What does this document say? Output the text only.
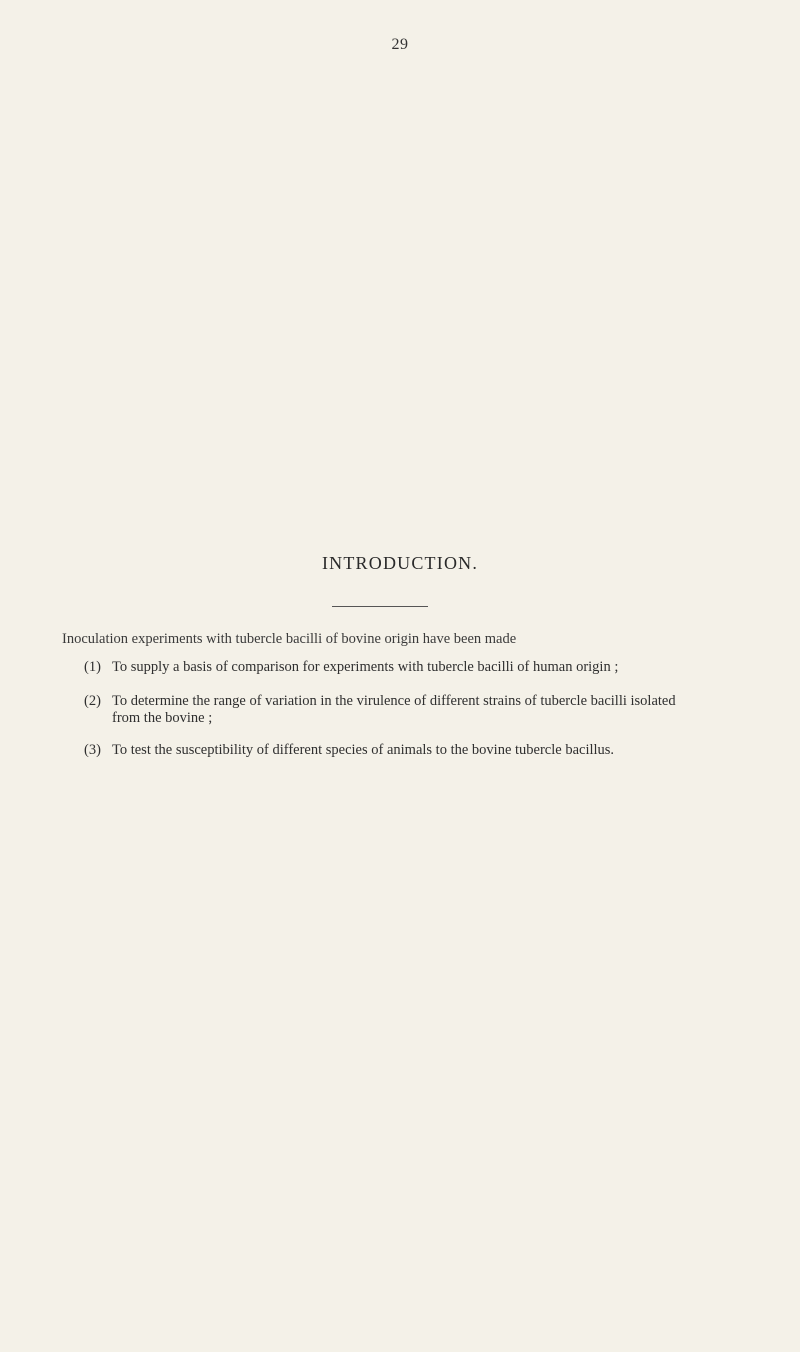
29
INTRODUCTION.
Inoculation experiments with tubercle bacilli of bovine origin have been made
(1) To supply a basis of comparison for experiments with tubercle bacilli of human origin ;
(2) To determine the range of variation in the virulence of different strains of tubercle bacilli isolated
from the bovine ;
(3) To test the susceptibility of different species of animals to the bovine tubercle bacillus.
